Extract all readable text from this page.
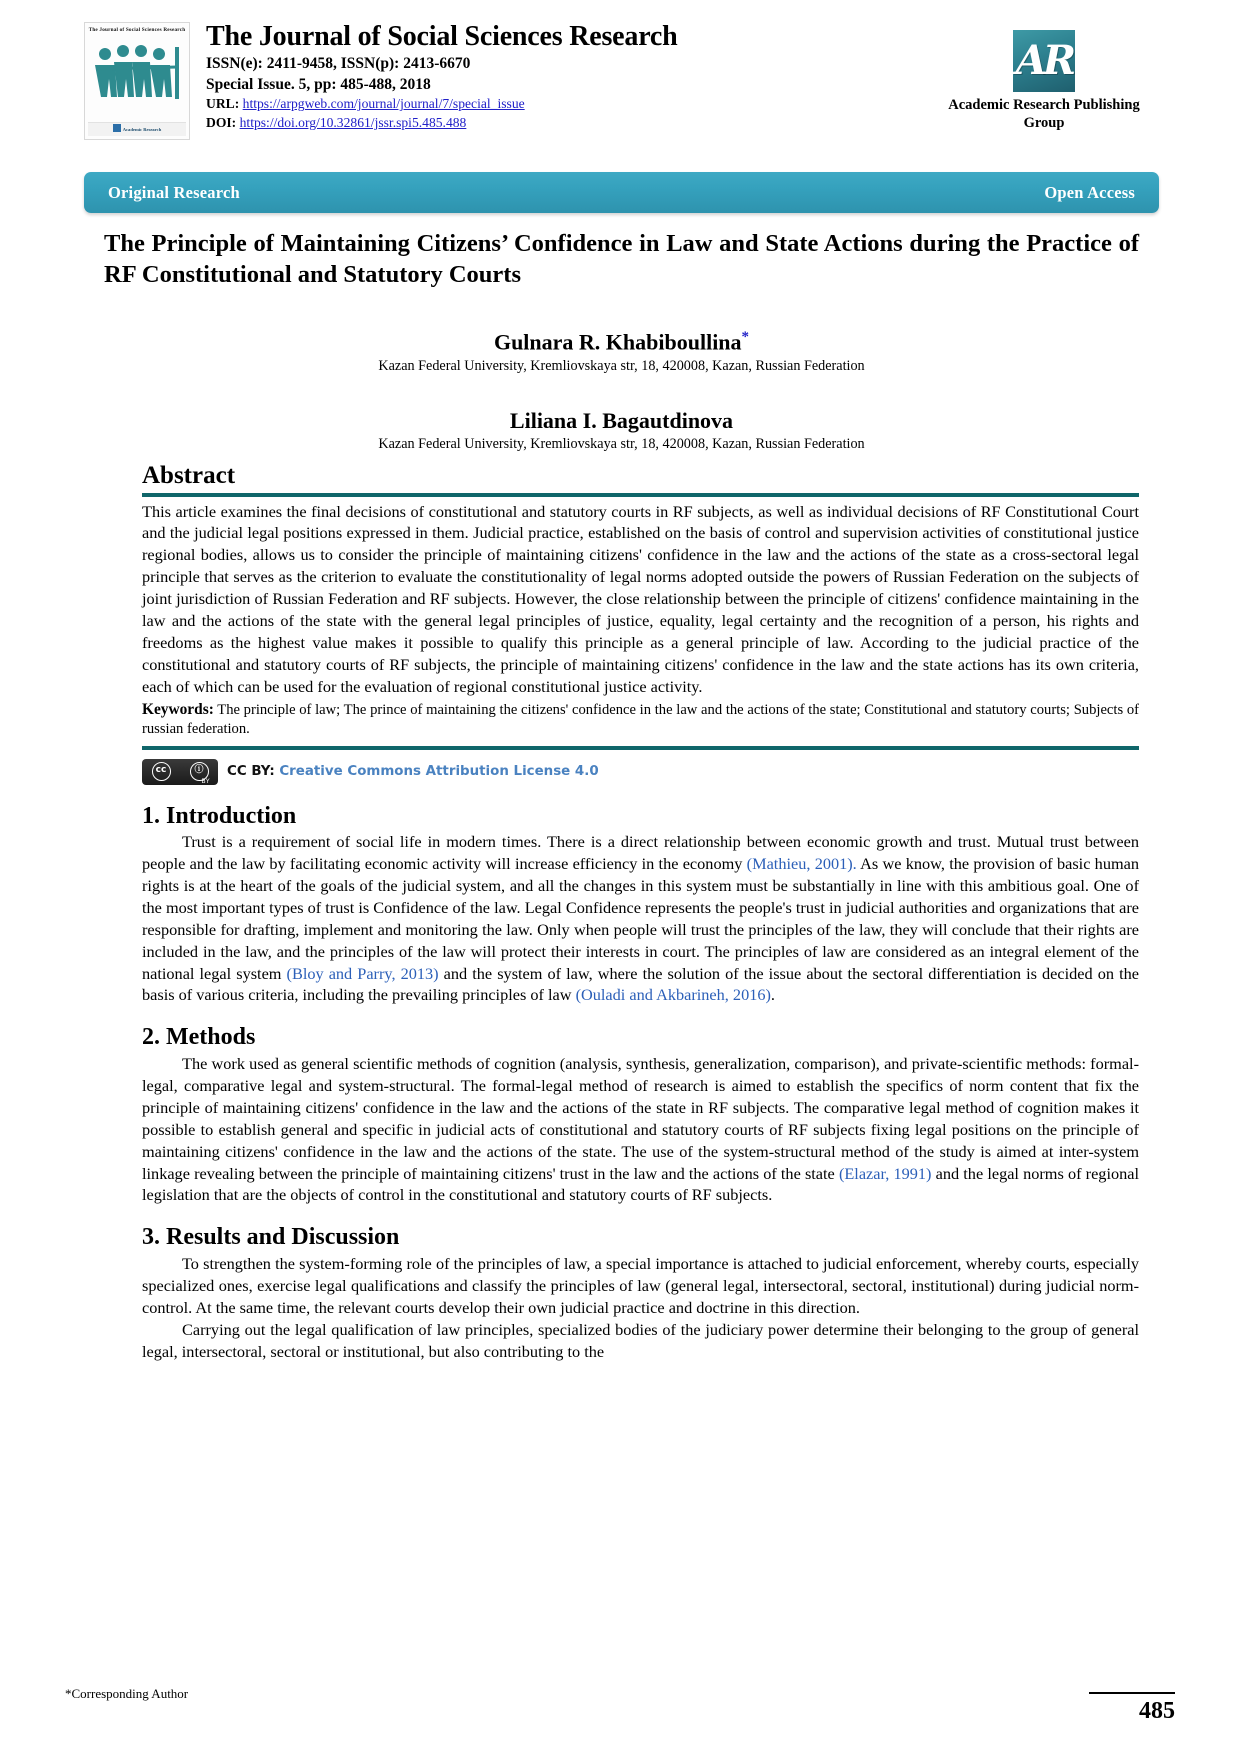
The Journal of Social Sciences Research
Academic Research
The Journal of Social Sciences Research
ISSN(e): 2411-9458, ISSN(p): 2413-6670
Special Issue. 5, pp: 485-488, 2018
URL: https://arpgweb.com/journal/journal/7/special_issue
DOI: https://doi.org/10.32861/jssr.spi5.485.488
AR
Academic Research Publishing Group
Original Research	Open Access
The Principle of Maintaining Citizens’ Confidence in Law and State Actions during the Practice of RF Constitutional and Statutory Courts
Gulnara R. Khabiboullina*
Kazan Federal University, Kremliovskaya str, 18, 420008, Kazan, Russian Federation
Liliana I. Bagautdinova
Kazan Federal University, Kremliovskaya str, 18, 420008, Kazan, Russian Federation
Abstract
This article examines the final decisions of constitutional and statutory courts in RF subjects, as well as individual decisions of RF Constitutional Court and the judicial legal positions expressed in them. Judicial practice, established on the basis of control and supervision activities of constitutional justice regional bodies, allows us to consider the principle of maintaining citizens' confidence in the law and the actions of the state as a cross-sectoral legal principle that serves as the criterion to evaluate the constitutionality of legal norms adopted outside the powers of Russian Federation on the subjects of joint jurisdiction of Russian Federation and RF subjects. However, the close relationship between the principle of citizens' confidence maintaining in the law and the actions of the state with the general legal principles of justice, equality, legal certainty and the recognition of a person, his rights and freedoms as the highest value makes it possible to qualify this principle as a general principle of law. According to the judicial practice of the constitutional and statutory courts of RF subjects, the principle of maintaining citizens' confidence in the law and the state actions has its own criteria, each of which can be used for the evaluation of regional constitutional justice activity.
Keywords: The principle of law; The prince of maintaining the citizens' confidence in the law and the actions of the state; Constitutional and statutory courts; Subjects of russian federation.
cc	ⓘ
BY
CC BY: Creative Commons Attribution License 4.0
1. Introduction

Trust is a requirement of social life in modern times. There is a direct relationship between economic growth and trust. Mutual trust between people and the law by facilitating economic activity will increase efficiency in the economy (Mathieu, 2001). As we know, the provision of basic human rights is at the heart of the goals of the judicial system, and all the changes in this system must be substantially in line with this ambitious goal. One of the most important types of trust is Confidence of the law. Legal Confidence represents the people's trust in judicial authorities and organizations that are responsible for drafting, implement and monitoring the law. Only when people will trust the principles of the law, they will conclude that their rights are included in the law, and the principles of the law will protect their interests in court. The principles of law are considered as an integral element of the national legal system (Bloy and Parry, 2013) and the system of law, where the solution of the issue about the sectoral differentiation is decided on the basis of various criteria, including the prevailing principles of law (Ouladi and Akbarineh, 2016).

2. Methods

The work used as general scientific methods of cognition (analysis, synthesis, generalization, comparison), and private-scientific methods: formal-legal, comparative legal and system-structural. The formal-legal method of research is aimed to establish the specifics of norm content that fix the principle of maintaining citizens' confidence in the law and the actions of the state in RF subjects. The comparative legal method of cognition makes it possible to establish general and specific in judicial acts of constitutional and statutory courts of RF subjects fixing legal positions on the principle of maintaining citizens' confidence in the law and the actions of the state. The use of the system-structural method of the study is aimed at inter-system linkage revealing between the principle of maintaining citizens' trust in the law and the actions of the state (Elazar, 1991) and the legal norms of regional legislation that are the objects of control in the constitutional and statutory courts of RF subjects.

3. Results and Discussion

To strengthen the system-forming role of the principles of law, a special importance is attached to judicial enforcement, whereby courts, especially specialized ones, exercise legal qualifications and classify the principles of law (general legal, intersectoral, sectoral, institutional) during judicial norm-control. At the same time, the relevant courts develop their own judicial practice and doctrine in this direction.

Carrying out the legal qualification of law principles, specialized bodies of the judiciary power determine their belonging to the group of general legal, intersectoral, sectoral or institutional, but also contributing to the

*Corresponding Author
485
